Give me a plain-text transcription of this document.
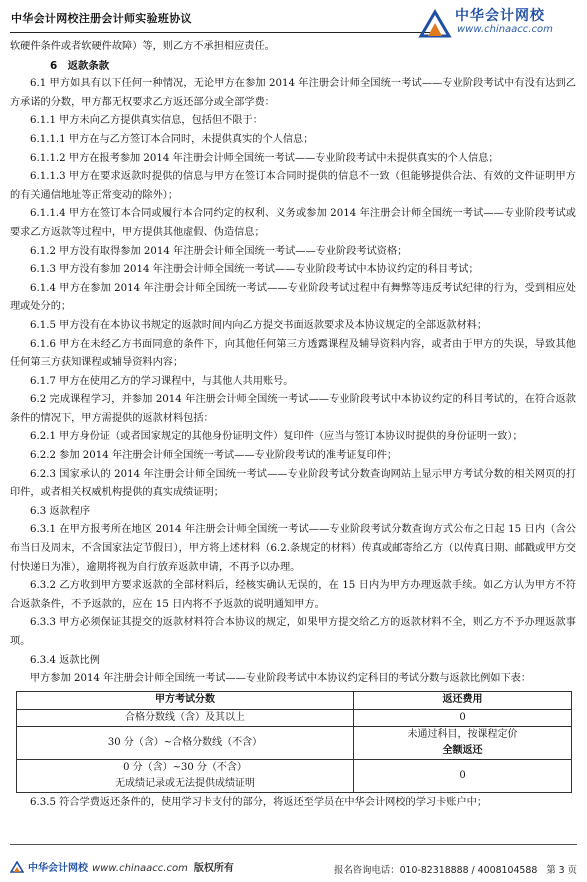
中华会计网校注册会计师实验班协议	中华会计网校
www.chinaacc.com

软硬件条件或者软硬件故障）等，则乙方不承担相应责任。

6　返款条款

6.1 甲方如具有以下任何一种情况，无论甲方在参加 2014 年注册会计师全国统一考试——专业阶段考试中有没有达到乙方承诺的分数，甲方都无权要求乙方返还部分或全部学费：

6.1.1 甲方未向乙方提供真实信息，包括但不限于：

6.1.1.1 甲方在与乙方签订本合同时，未提供真实的个人信息；

6.1.1.2 甲方在报考参加 2014 年注册会计师全国统一考试——专业阶段考试中未提供真实的个人信息；

6.1.1.3 甲方在要求返款时提供的信息与甲方在签订本合同时提供的信息不一致（但能够提供合法、有效的文件证明甲方的有关通信地址等正常变动的除外）；

6.1.1.4 甲方在签订本合同或履行本合同约定的权利、义务或参加 2014 年注册会计师全国统一考试——专业阶段考试或要求乙方返款等过程中，甲方提供其他虚假、伪造信息；

6.1.2 甲方没有取得参加 2014 年注册会计师全国统一考试——专业阶段考试资格；

6.1.3 甲方没有参加 2014 年注册会计师全国统一考试——专业阶段考试中本协议约定的科目考试；

6.1.4 甲方在参加 2014 年注册会计师全国统一考试——专业阶段考试过程中有舞弊等违反考试纪律的行为，受到相应处理或处分的；

6.1.5 甲方没有在本协议书规定的返款时间内向乙方提交书面返款要求及本协议规定的全部返款材料；

6.1.6 甲方在未经乙方书面同意的条件下，向其他任何第三方透露课程及辅导资料内容，或者由于甲方的失误，导致其他任何第三方获知课程或辅导资料内容；

6.1.7 甲方在使用乙方的学习课程中，与其他人共用账号。

6.2 完成课程学习，并参加 2014 年注册会计师全国统一考试——专业阶段考试中本协议约定的科目考试的，在符合返款条件的情况下，甲方需提供的返款材料包括：

6.2.1 甲方身份证（或者国家规定的其他身份证明文件）复印件（应当与签订本协议时提供的身份证明一致）；

6.2.2 参加 2014 年注册会计师全国统一考试——专业阶段考试的准考证复印件；

6.2.3 国家承认的 2014 年注册会计师全国统一考试——专业阶段考试分数查询网站上显示甲方考试分数的相关网页的打印件，或者相关权威机构提供的真实成绩证明；

6.3 返款程序

6.3.1 在甲方报考所在地区 2014 年注册会计师全国统一考试——专业阶段考试分数查询方式公布之日起 15 日内（含公布当日及周末，不含国家法定节假日），甲方将上述材料（6.2.条规定的材料）传真或邮寄给乙方（以传真日期、邮戳或甲方交付快递日为准），逾期将视为自行放弃返款申请，不再予以办理。

6.3.2 乙方收到甲方要求返款的全部材料后，经核实确认无误的，在 15 日内为甲方办理返款手续。如乙方认为甲方不符合返款条件，不予返款的，应在 15 日内将不予返款的说明通知甲方。

6.3.3 甲方必须保证其提交的返款材料符合本协议的规定，如果甲方提交给乙方的返款材料不全，则乙方不予办理返款事项。

6.3.4 返款比例

甲方参加 2014 年注册会计师全国统一考试——专业阶段考试中本协议约定科目的考试分数与返款比例如下表：

甲方考试分数	返还费用
合格分数线（含）及其以上	0
30 分（含）~合格分数线（不含）	未通过科目，按课程定价
全额返还

0 分（含）~30 分（不含）
无成绩记录或无法提供成绩证明	0

6.3.5 符合学费返还条件的，使用学习卡支付的部分，将返还至学员在中华会计网校的学习卡账户中；

中华会计网校 www.chinaacc.com 版权所有	报名咨询电话：010-82318888 / 4008104588 第 3 页
